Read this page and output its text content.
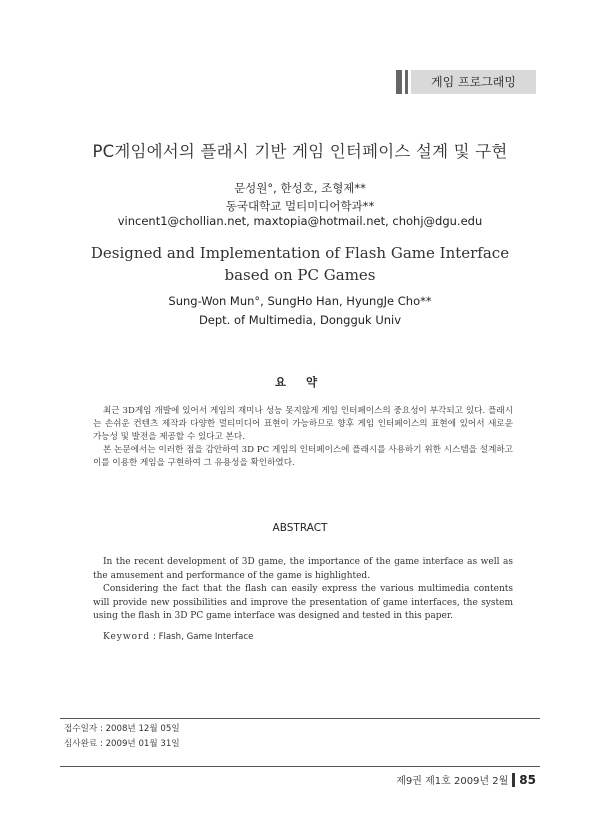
게임 프로그래밍
PC게임에서의 플래시 기반 게임 인터페이스 설계 및 구현
문성원°, 한성호, 조형제**
동국대학교 멀티미디어학과**
vincent1@chollian.net, maxtopia@hotmail.net, chohj@dgu.edu
Designed and Implementation of Flash Game Interface based on PC Games
Sung-Won Mun°, SungHo Han, HyungJe Cho**
Dept. of Multimedia, Dongguk Univ
요 약

최근 3D게임 개발에 있어서 게임의 재미나 성능 못지않게 게임 인터페이스의 중요성이 부각되고 있다. 플래시는 손쉬운 컨텐츠 제작과 다양한 멀티미디어 표현이 가능하므로 향후 게임 인터페이스의 표현에 있어서 새로운 가능성 및 발전을 제공할 수 있다고 본다.

본 논문에서는 이러한 점을 감안하여 3D PC 게임의 인터페이스에 플래시를 사용하기 위한 시스템을 설계하고 이를 이용한 게임을 구현하여 그 유용성을 확인하였다.

ABSTRACT

In the recent development of 3D game, the importance of the game interface as well as the amusement and performance of the game is highlighted.

Considering the fact that the flash can easily express the various multimedia contents will provide new possibilities and improve the presentation of game interfaces, the system using the flash in 3D PC game interface was designed and tested in this paper.

Keyword : Flash, Game Interface
접수일자 : 2008년 12월 05일
심사완료 : 2009년 01월 31일
제9권 제1호 2009년 2월 85
